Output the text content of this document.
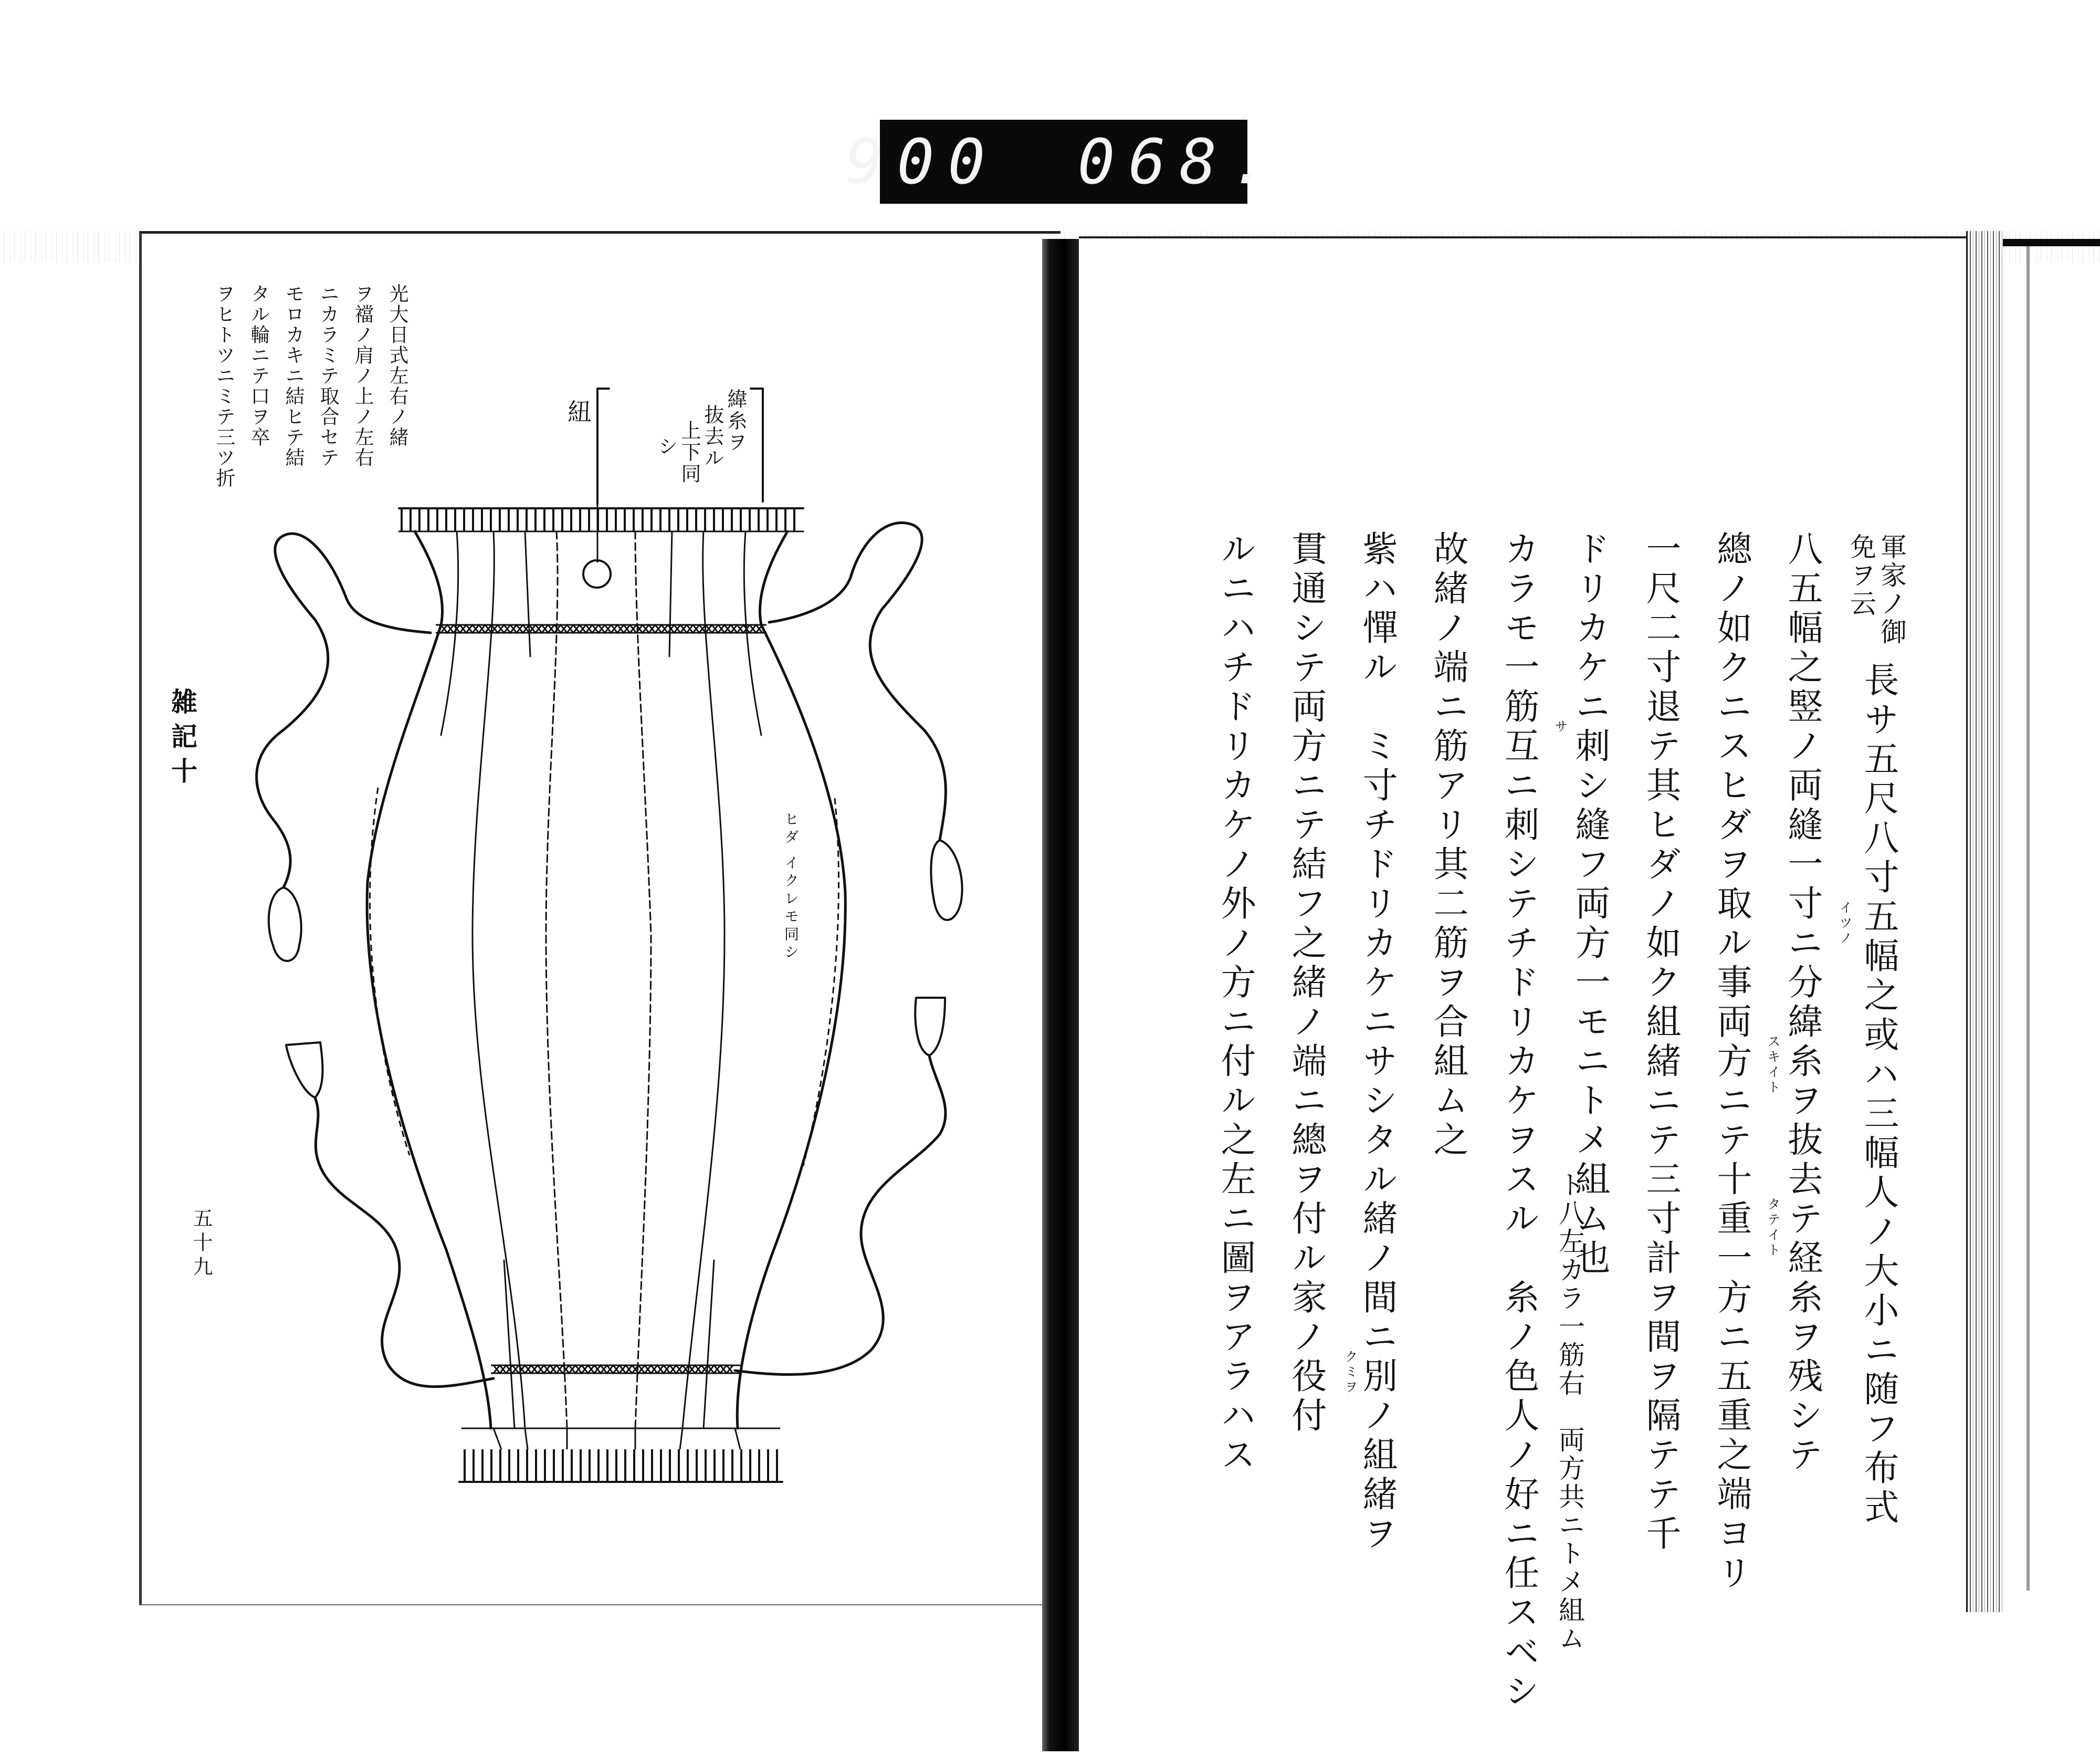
900 068.
光大日式左右ノ緒
ヲ襠ノ肩ノ上ノ左右
ニカラミテ取合セテ
モロカキニ結ヒテ結
タル輪ニテ口ヲ卒
ヲヒトツニミテ三ツ折	紐	緯糸ヲ
抜去ル
上下同
シ
ヒダ イクレモ同シ
雑記十
五十九
軍家ノ御
免ヲ云
長サ五尺八寸五幅之或ハ三幅人ノ大小ニ随フ布式
八五幅之竪ノ両縫一寸ニ分緯糸ヲ抜去テ経糸ヲ残シテ
總ノ如クニスヒダヲ取ル事両方ニテ十重一方ニ五重之端ヨリ
一尺二寸退テ其ヒダノ如ク組緒ニテ三寸計ヲ間ヲ隔テテ千
ドリカケニ刺シ縫フ両方一モニトメ組ム也
ト八左カラ一筋右　両方共ニトメ組ム
カラモ一筋互ニ刺シテチドリカケヲスル　糸ノ色人ノ好ニ任スベシ
故緒ノ端ニ筋アリ其二筋ヲ合組ム之
紫ハ憚ル　ミ寸チドリカケニサシタル緒ノ間ニ別ノ組緒ヲ
貫通シテ両方ニテ結フ之緒ノ端ニ總ヲ付ル家ノ役付
ルニハチドリカケノ外ノ方ニ付ル之左ニ圖ヲアラハス	イツノ
スキイト
タテイト
サ
クミヲ
